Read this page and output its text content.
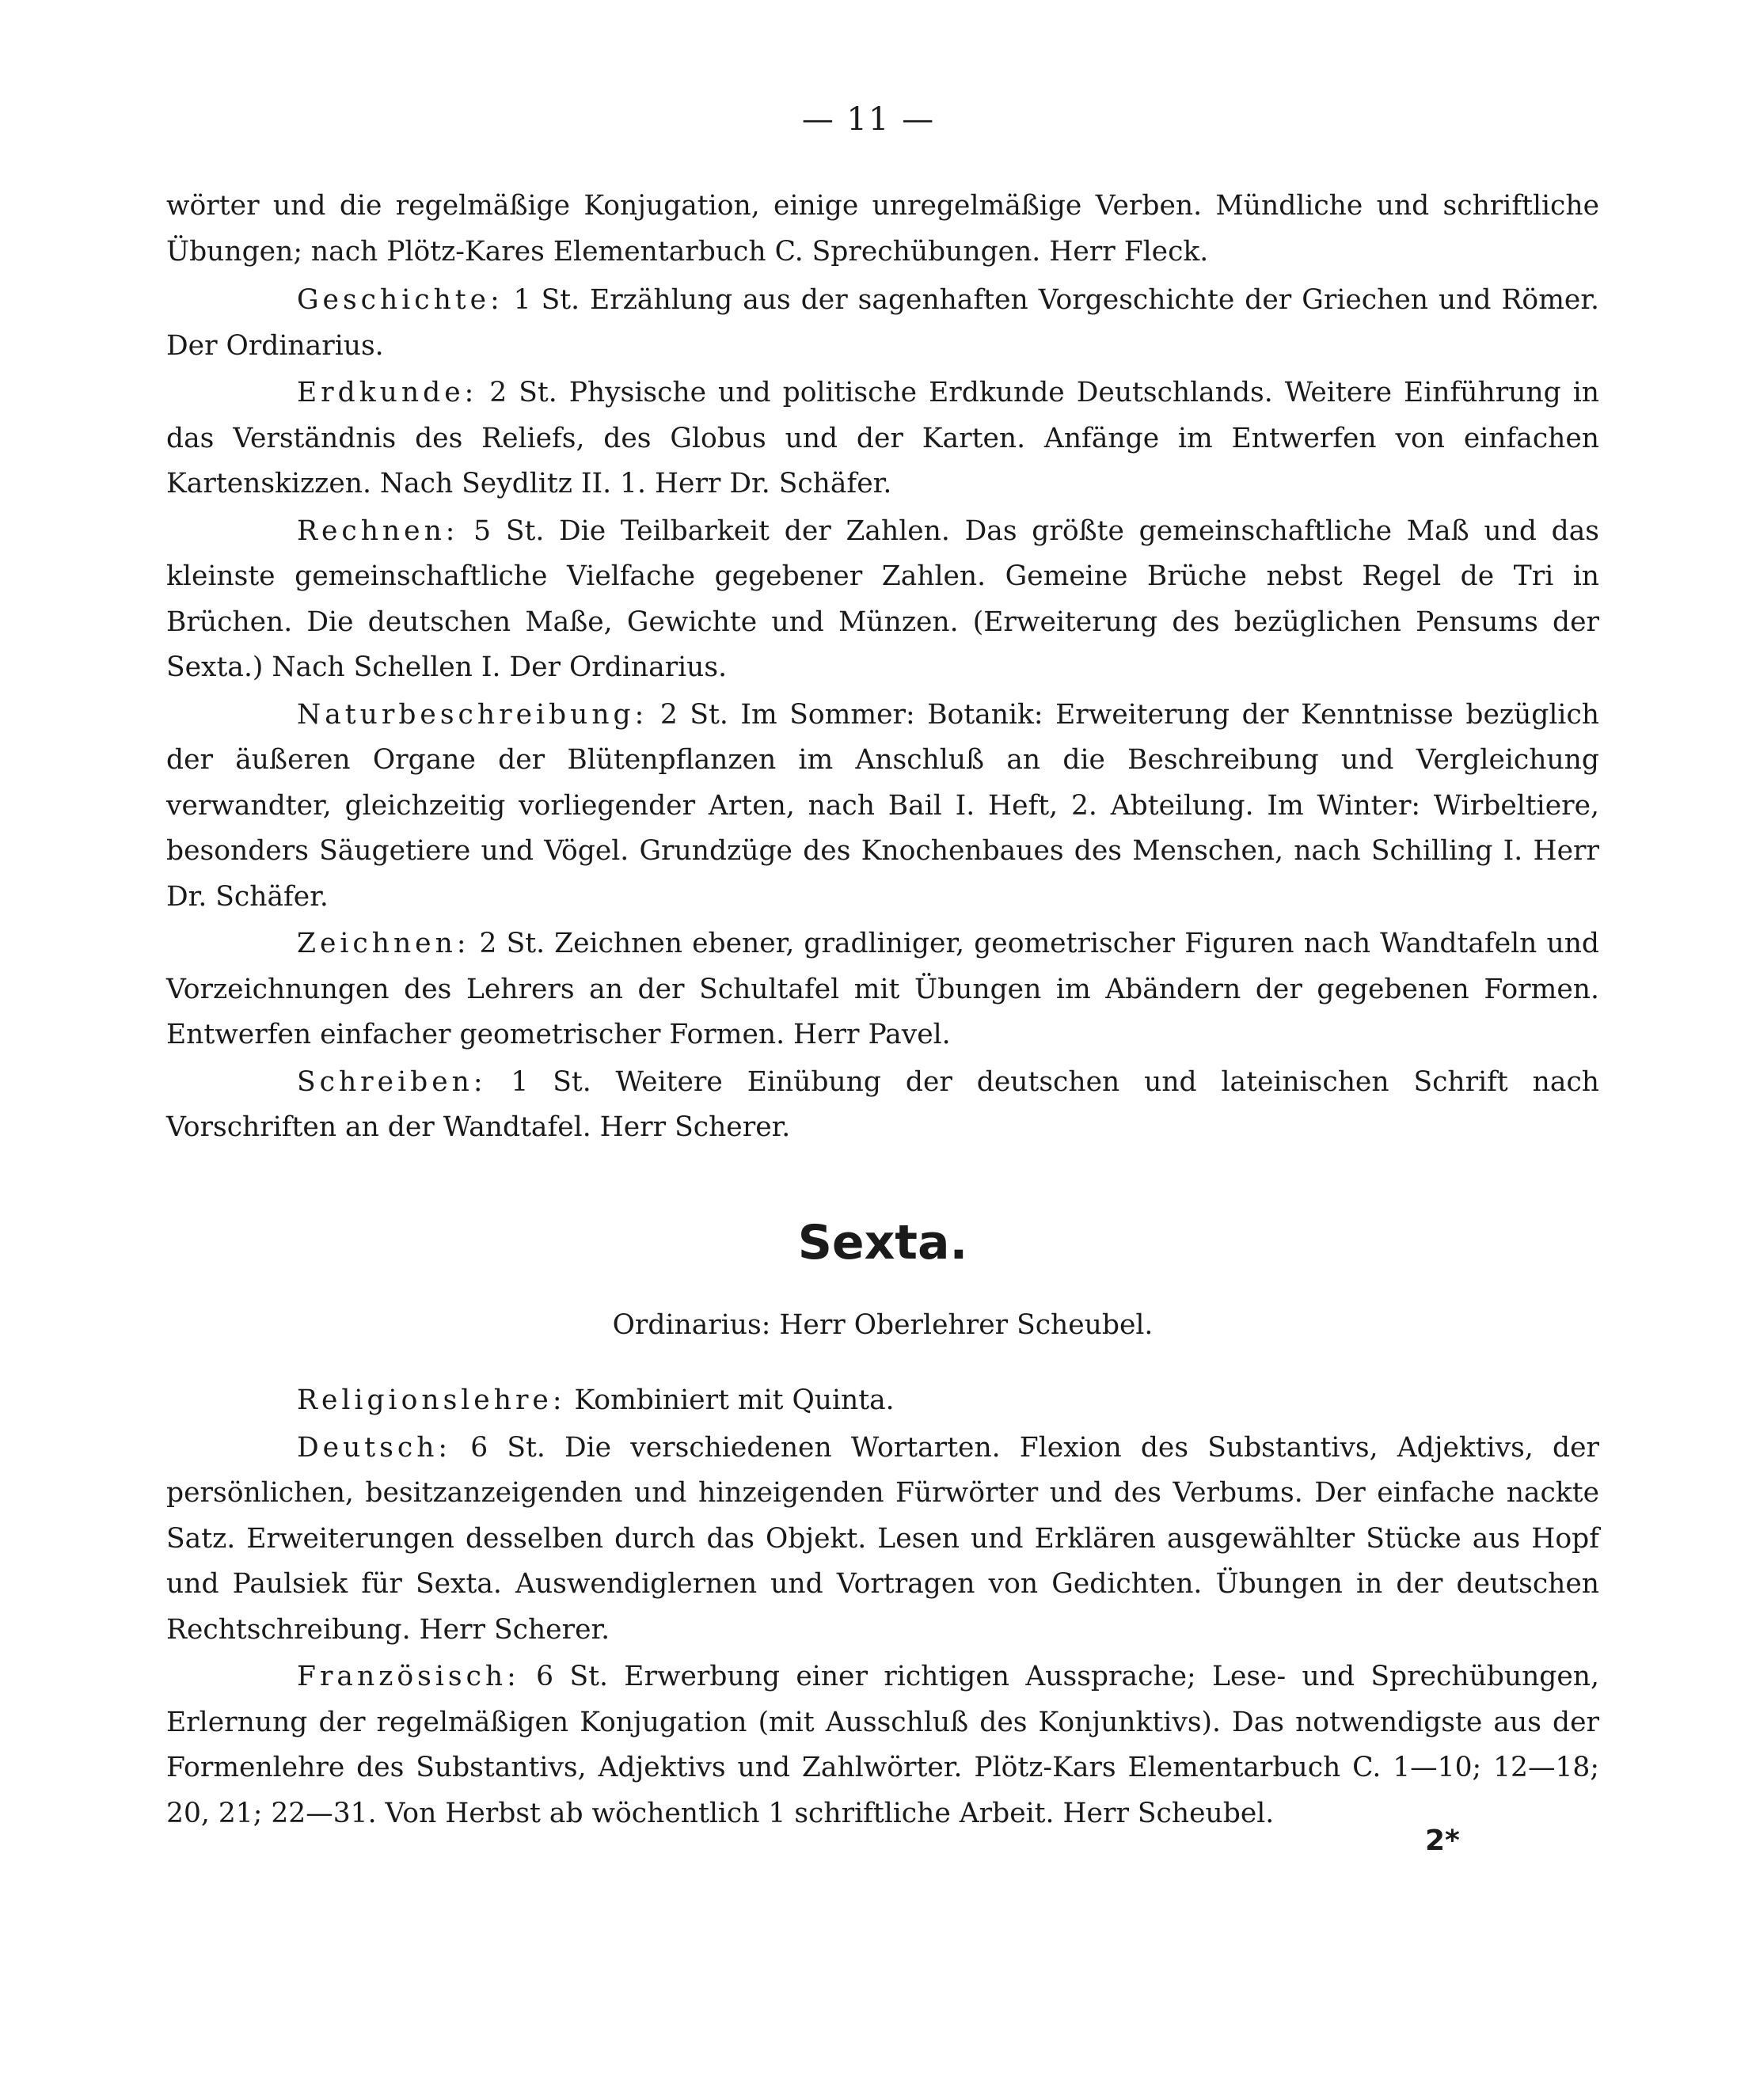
— 11 —

wörter und die regelmäßige Konjugation, einige unregelmäßige Verben. Mündliche und schriftliche Übungen; nach Plötz-Kares Elementarbuch C. Sprechübungen. Herr Fleck.

Geschichte: 1 St. Erzählung aus der sagenhaften Vorgeschichte der Griechen und Römer. Der Ordinarius.

Erdkunde: 2 St. Physische und politische Erdkunde Deutschlands. Weitere Einführung in das Verständnis des Reliefs, des Globus und der Karten. Anfänge im Entwerfen von einfachen Kartenskizzen. Nach Seydlitz II. 1. Herr Dr. Schäfer.

Rechnen: 5 St. Die Teilbarkeit der Zahlen. Das größte gemeinschaftliche Maß und das kleinste gemeinschaftliche Vielfache gegebener Zahlen. Gemeine Brüche nebst Regel de Tri in Brüchen. Die deutschen Maße, Gewichte und Münzen. (Erweiterung des bezüglichen Pensums der Sexta.) Nach Schellen I. Der Ordinarius.

Naturbeschreibung: 2 St. Im Sommer: Botanik: Erweiterung der Kenntnisse bezüglich der äußeren Organe der Blütenpflanzen im Anschluß an die Beschreibung und Vergleichung verwandter, gleichzeitig vorliegender Arten, nach Bail I. Heft, 2. Abteilung. Im Winter: Wirbeltiere, besonders Säugetiere und Vögel. Grundzüge des Knochenbaues des Menschen, nach Schilling I. Herr Dr. Schäfer.

Zeichnen: 2 St. Zeichnen ebener, gradliniger, geometrischer Figuren nach Wandtafeln und Vorzeichnungen des Lehrers an der Schultafel mit Übungen im Abändern der gegebenen Formen. Entwerfen einfacher geometrischer Formen. Herr Pavel.

Schreiben: 1 St. Weitere Einübung der deutschen und lateinischen Schrift nach Vorschriften an der Wandtafel. Herr Scherer.

Sexta.
Ordinarius: Herr Oberlehrer Scheubel.

Religionslehre: Kombiniert mit Quinta.

Deutsch: 6 St. Die verschiedenen Wortarten. Flexion des Substantivs, Adjektivs, der persönlichen, besitzanzeigenden und hinzeigenden Fürwörter und des Verbums. Der einfache nackte Satz. Erweiterungen desselben durch das Objekt. Lesen und Erklären ausgewählter Stücke aus Hopf und Paulsiek für Sexta. Auswendiglernen und Vortragen von Gedichten. Übungen in der deutschen Rechtschreibung. Herr Scherer.

Französisch: 6 St. Erwerbung einer richtigen Aussprache; Lese- und Sprechübungen, Erlernung der regelmäßigen Konjugation (mit Ausschluß des Konjunktivs). Das notwendigste aus der Formenlehre des Substantivs, Adjektivs und Zahlwörter. Plötz-Kars Elementarbuch C. 1—10; 12—18; 20, 21; 22—31. Von Herbst ab wöchentlich 1 schriftliche Arbeit. Herr Scheubel.

2*
